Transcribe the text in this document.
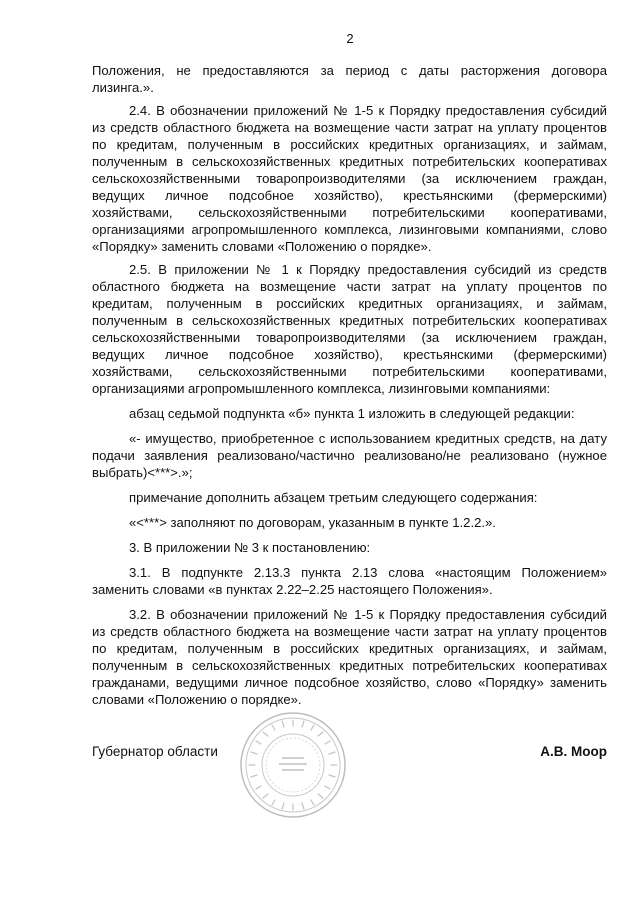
2

Положения, не предоставляются за период с даты расторжения договора лизинга.».

2.4. В обозначении приложений № 1-5 к Порядку предоставления субсидий из средств областного бюджета на возмещение части затрат на уплату процентов по кредитам, полученным в российских кредитных организациях, и займам, полученным в сельскохозяйственных кредитных потребительских кооперативах сельскохозяйственными товаропроизводителями (за исключением граждан, ведущих личное подсобное хозяйство), крестьянскими (фермерскими) хозяйствами, сельскохозяйственными потребительскими кооперативами, организациями агропромышленного комплекса, лизинговыми компаниями, слово «Порядку» заменить словами «Положению о порядке».

2.5. В приложении № 1 к Порядку предоставления субсидий из средств областного бюджета на возмещение части затрат на уплату процентов по кредитам, полученным в российских кредитных организациях, и займам, полученным в сельскохозяйственных кредитных потребительских кооперативах сельскохозяйственными товаропроизводителями (за исключением граждан, ведущих личное подсобное хозяйство), крестьянскими (фермерскими) хозяйствами, сельскохозяйственными потребительскими кооперативами, организациями агропромышленного комплекса, лизинговыми компаниями:

абзац седьмой подпункта «б» пункта 1 изложить в следующей редакции:

«- имущество, приобретенное с использованием кредитных средств, на дату подачи заявления реализовано/частично реализовано/не реализовано (нужное выбрать)<***>.»;

примечание дополнить абзацем третьим следующего содержания:

«<***> заполняют по договорам, указанным в пункте 1.2.2.».

3. В приложении № 3 к постановлению:

3.1. В подпункте 2.13.3 пункта 2.13 слова «настоящим Положением» заменить словами «в пунктах 2.22–2.25 настоящего Положения».

3.2. В обозначении приложений № 1-5 к Порядку предоставления субсидий из средств областного бюджета на возмещение части затрат на уплату процентов по кредитам, полученным в российских кредитных организациях, и займам, полученным в сельскохозяйственных кредитных потребительских кооперативах гражданами, ведущими личное подсобное хозяйство, слово «Порядку» заменить словами «Положению о порядке».

Губернатор области	А.В. Моор
